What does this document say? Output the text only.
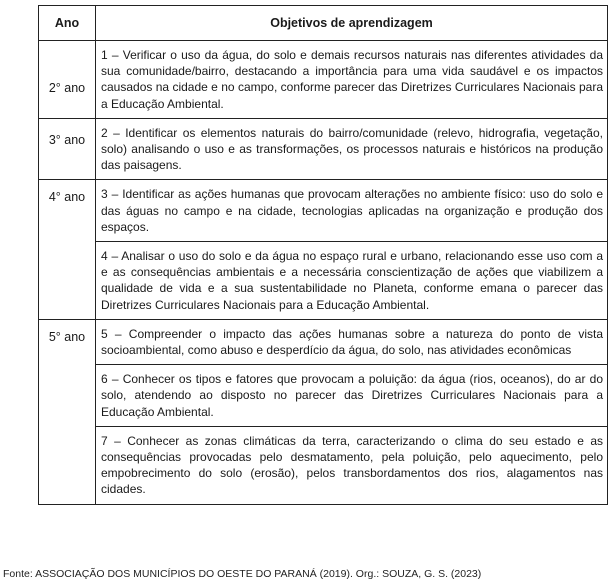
Ano	Objetivos de aprendizagem
2° ano	1 – Verificar o uso da água, do solo e demais recursos naturais nas diferentes atividades da sua comunidade/bairro, destacando a importância para uma vida saudável e os impactos causados na cidade e no campo, conforme parecer das Diretrizes Curriculares Nacionais para a Educação Ambiental.
3° ano	2 – Identificar os elementos naturais do bairro/comunidade (relevo, hidrografia, vegetação, solo) analisando o uso e as transformações, os processos naturais e históricos na produção das paisagens.
4° ano	3 – Identificar as ações humanas que provocam alterações no ambiente físico: uso do solo e das águas no campo e na cidade, tecnologias aplicadas na organização e produção dos espaços.
	4 – Analisar o uso do solo e da água no espaço rural e urbano, relacionando esse uso com a e as consequências ambientais e a necessária conscientização de ações que viabilizem a qualidade de vida e a sua sustentabilidade no Planeta, conforme emana o parecer das Diretrizes Curriculares Nacionais para a Educação Ambiental.
5° ano	5 – Compreender o impacto das ações humanas sobre a natureza do ponto de vista socioambiental, como abuso e desperdício da água, do solo, nas atividades econômicas
	6 – Conhecer os tipos e fatores que provocam a poluição: da água (rios, oceanos), do ar do solo, atendendo ao disposto no parecer das Diretrizes Curriculares Nacionais para a Educação Ambiental.
	7 – Conhecer as zonas climáticas da terra, caracterizando o clima do seu estado e as consequências provocadas pelo desmatamento, pela poluição, pelo aquecimento, pelo empobrecimento do solo (erosão), pelos transbordamentos dos rios, alagamentos nas cidades.
Fonte: ASSOCIAÇÃO DOS MUNICÍPIOS DO OESTE DO PARANÁ (2019). Org.: SOUZA, G. S. (2023)
